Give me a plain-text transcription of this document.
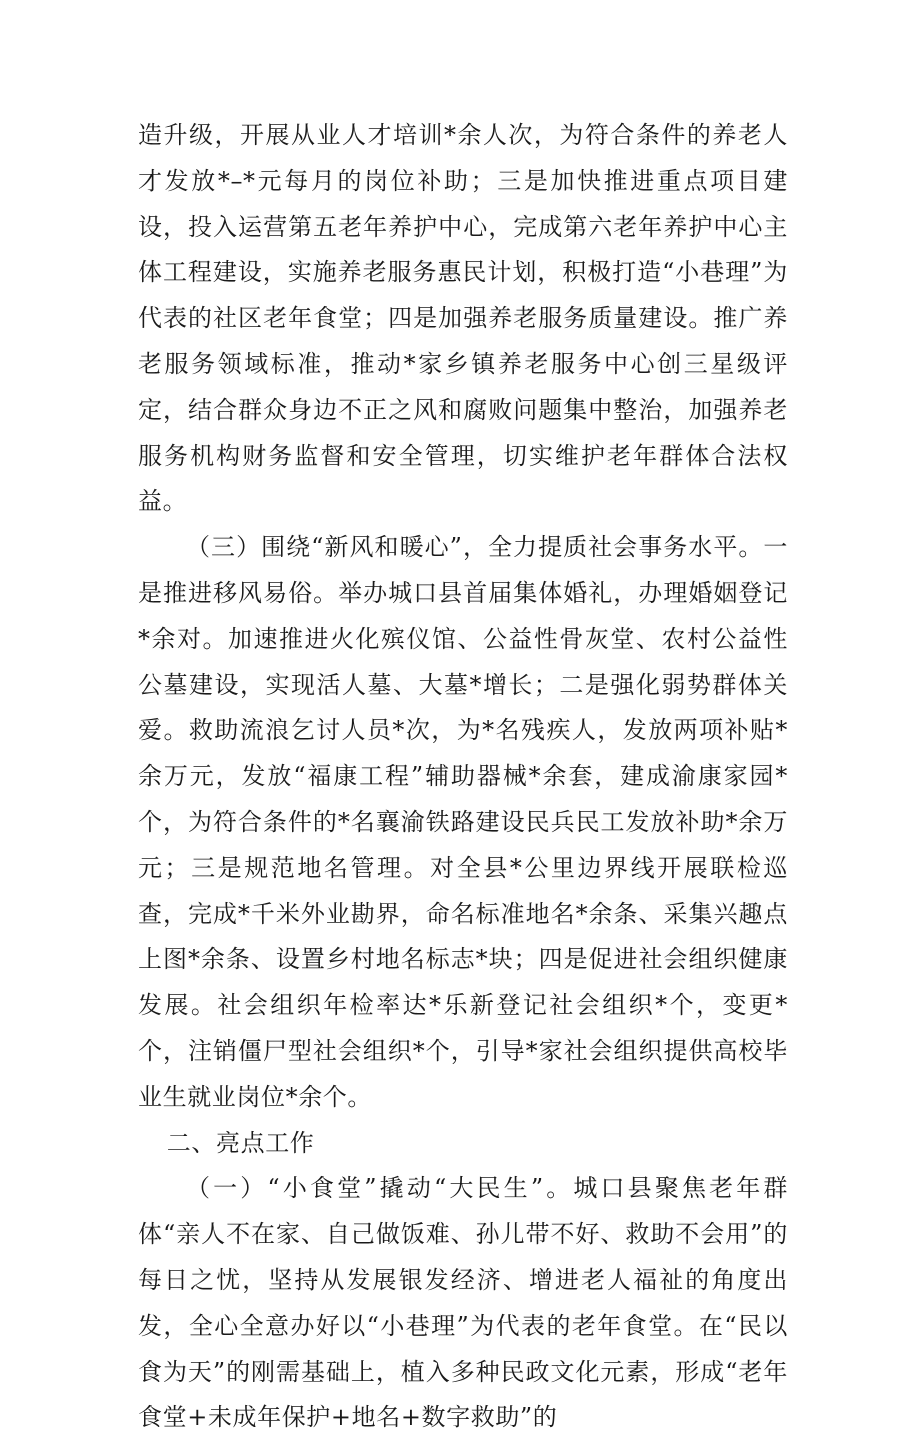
造升级，开展从业人才培训*余人次，为符合条件的养老人才发放*–*元每月的岗位补助；三是加快推进重点项目建设，投入运营第五老年养护中心，完成第六老年养护中心主体工程建设，实施养老服务惠民计划，积极打造“小巷理”为代表的社区老年食堂；四是加强养老服务质量建设。推广养老服务领域标准，推动*家乡镇养老服务中心创三星级评定，结合群众身边不正之风和腐败问题集中整治，加强养老服务机构财务监督和安全管理，切实维护老年群体合法权益。

（三）围绕“新风和暖心”，全力提质社会事务水平。一是推进移风易俗。举办城口县首届集体婚礼，办理婚姻登记*余对。加速推进火化殡仪馆、公益性骨灰堂、农村公益性公墓建设，实现活人墓、大墓*增长；二是强化弱势群体关爱。救助流浪乞讨人员*次，为*名残疾人，发放两项补贴*余万元，发放“福康工程”辅助器械*余套，建成渝康家园*个，为符合条件的*名襄渝铁路建设民兵民工发放补助*余万元；三是规范地名管理。对全县*公里边界线开展联检巡查，完成*千米外业勘界，命名标准地名*余条、采集兴趣点上图*余条、设置乡村地名标志*块；四是促进社会组织健康发展。社会组织年检率达*乐新登记社会组织*个，变更*个，注销僵尸型社会组织*个，引导*家社会组织提供高校毕业生就业岗位*余个。

二、亮点工作

（一）“小食堂”撬动“大民生”。城口县聚焦老年群体“亲人不在家、自己做饭难、孙儿带不好、救助不会用”的每日之忧，坚持从发展银发经济、增进老人福祉的角度出发，全心全意办好以“小巷理”为代表的老年食堂。在“民以食为天”的刚需基础上，植入多种民政文化元素，形成“老年食堂+未成年保护+地名+数字救助”的
